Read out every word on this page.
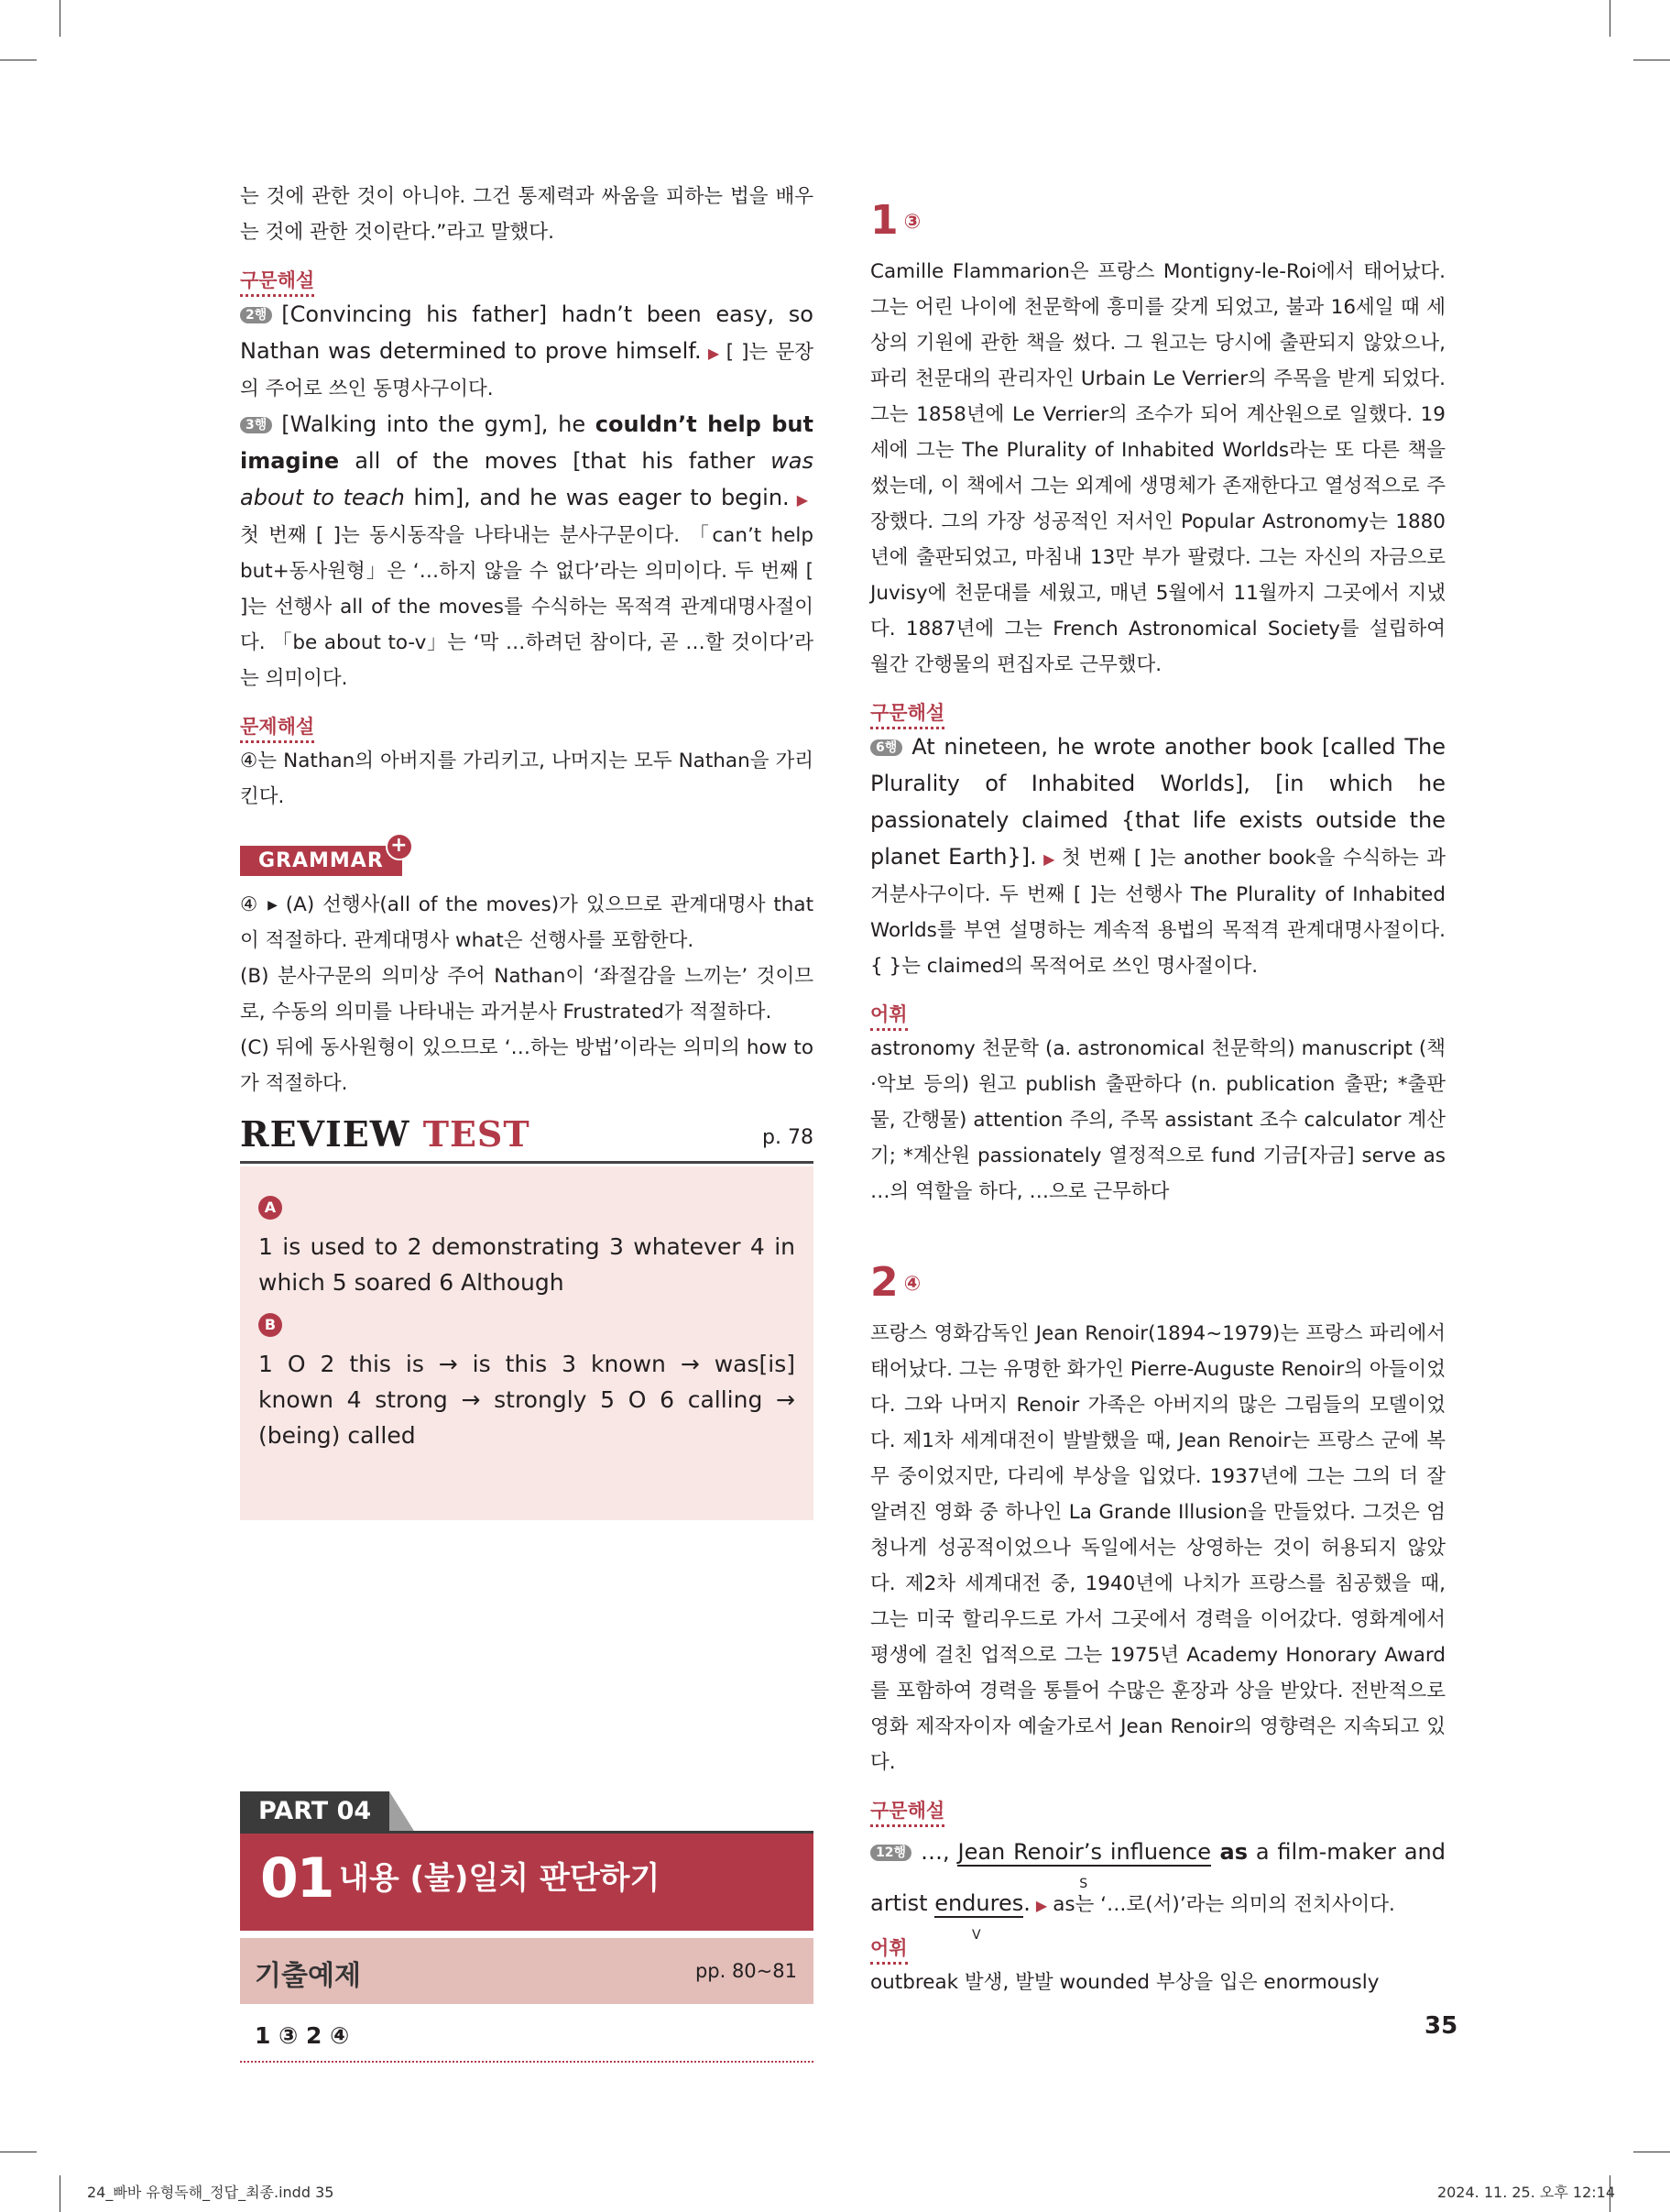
는 것에 관한 것이 아니야. 그건 통제력과 싸움을 피하는 법을 배우는 것에 관한 것이란다.”라고 말했다.

구문해설

2행 [Convincing his father] hadn’t been easy, so Nathan was determined to prove himself. ▶ [ ]는 문장의 주어로 쓰인 동명사구이다.

3행 [Walking into the gym], he couldn’t help but imagine all of the moves [that his father was about to teach him], and he was eager to begin. ▶첫 번째 [ ]는 동시동작을 나타내는 분사구문이다. 「can’t help but+동사원형」은 ‘…하지 않을 수 없다’라는 의미이다. 두 번째 [ ]는 선행사 all of the moves를 수식하는 목적격 관계대명사절이다. 「be about to-v」는 ‘막 …하려던 참이다, 곧 …할 것이다’라는 의미이다.

문제해설

④는 Nathan의 아버지를 가리키고, 나머지는 모두 Nathan을 가리킨다.

GRAMMAR
+

④ ▸ (A) 선행사(all of the moves)가 있으므로 관계대명사 that이 적절하다. 관계대명사 what은 선행사를 포함한다.

(B) 분사구문의 의미상 주어 Nathan이 ‘좌절감을 느끼는’ 것이므로, 수동의 의미를 나타내는 과거분사 Frustrated가 적절하다.

(C) 뒤에 동사원형이 있으므로 ‘…하는 방법’이라는 의미의 how to가 적절하다.

REVIEW TEST	p. 78
A

1 is used to 2 demonstrating 3 whatever 4 in which 5 soared 6 Although

B

1 O 2 this is → is this 3 known → was[is] known 4 strong → strongly 5 O 6 calling → (being) called

PART 04
01 내용 (불)일치 판단하기
기출예제	pp. 80~81
1 ③ 2 ④
1 ③

Camille Flammarion은 프랑스 Montigny-le-Roi에서 태어났다. 그는 어린 나이에 천문학에 흥미를 갖게 되었고, 불과 16세일 때 세상의 기원에 관한 책을 썼다. 그 원고는 당시에 출판되지 않았으나, 파리 천문대의 관리자인 Urbain Le Verrier의 주목을 받게 되었다. 그는 1858년에 Le Verrier의 조수가 되어 계산원으로 일했다. 19세에 그는 The Plurality of Inhabited Worlds라는 또 다른 책을 썼는데, 이 책에서 그는 외계에 생명체가 존재한다고 열성적으로 주장했다. 그의 가장 성공적인 저서인 Popular Astronomy는 1880년에 출판되었고, 마침내 13만 부가 팔렸다. 그는 자신의 자금으로 Juvisy에 천문대를 세웠고, 매년 5월에서 11월까지 그곳에서 지냈다. 1887년에 그는 French Astronomical Society를 설립하여 월간 간행물의 편집자로 근무했다.

구문해설

6행 At nineteen, he wrote another book [called The Plurality of Inhabited Worlds], [in which he passionately claimed {that life exists outside the planet Earth}]. ▶ 첫 번째 [ ]는 another book을 수식하는 과거분사구이다. 두 번째 [ ]는 선행사 The Plurality of Inhabited Worlds를 부연 설명하는 계속적 용법의 목적격 관계대명사절이다. { }는 claimed의 목적어로 쓰인 명사절이다.

어휘

astronomy 천문학 (a. astronomical 천문학의) manuscript (책·악보 등의) 원고 publish 출판하다 (n. publication 출판; *출판물, 간행물) attention 주의, 주목 assistant 조수 calculator 계산기; *계산원 passionately 열정적으로 fund 기금[자금] serve as …의 역할을 하다, …으로 근무하다

2 ④

프랑스 영화감독인 Jean Renoir(1894~1979)는 프랑스 파리에서 태어났다. 그는 유명한 화가인 Pierre-Auguste Renoir의 아들이었다. 그와 나머지 Renoir 가족은 아버지의 많은 그림들의 모델이었다. 제1차 세계대전이 발발했을 때, Jean Renoir는 프랑스 군에 복무 중이었지만, 다리에 부상을 입었다. 1937년에 그는 그의 더 잘 알려진 영화 중 하나인 La Grande Illusion을 만들었다. 그것은 엄청나게 성공적이었으나 독일에서는 상영하는 것이 허용되지 않았다. 제2차 세계대전 중, 1940년에 나치가 프랑스를 침공했을 때, 그는 미국 할리우드로 가서 그곳에서 경력을 이어갔다. 영화계에서 평생에 걸친 업적으로 그는 1975년 Academy Honorary Award를 포함하여 경력을 통틀어 수많은 훈장과 상을 받았다. 전반적으로 영화 제작자이자 예술가로서 Jean Renoir의 영향력은 지속되고 있다.

구문해설

12행 …, Jean Renoir’s influence
S
as a film-maker and artist endures
V
. ▶ as는 ‘…로(서)’라는 의미의 전치사이다.

어휘

outbreak 발생, 발발 wounded 부상을 입은 enormously

35
24_빠바 유형독해_정답_최종.indd 35	2024. 11. 25. 오후 12:14
